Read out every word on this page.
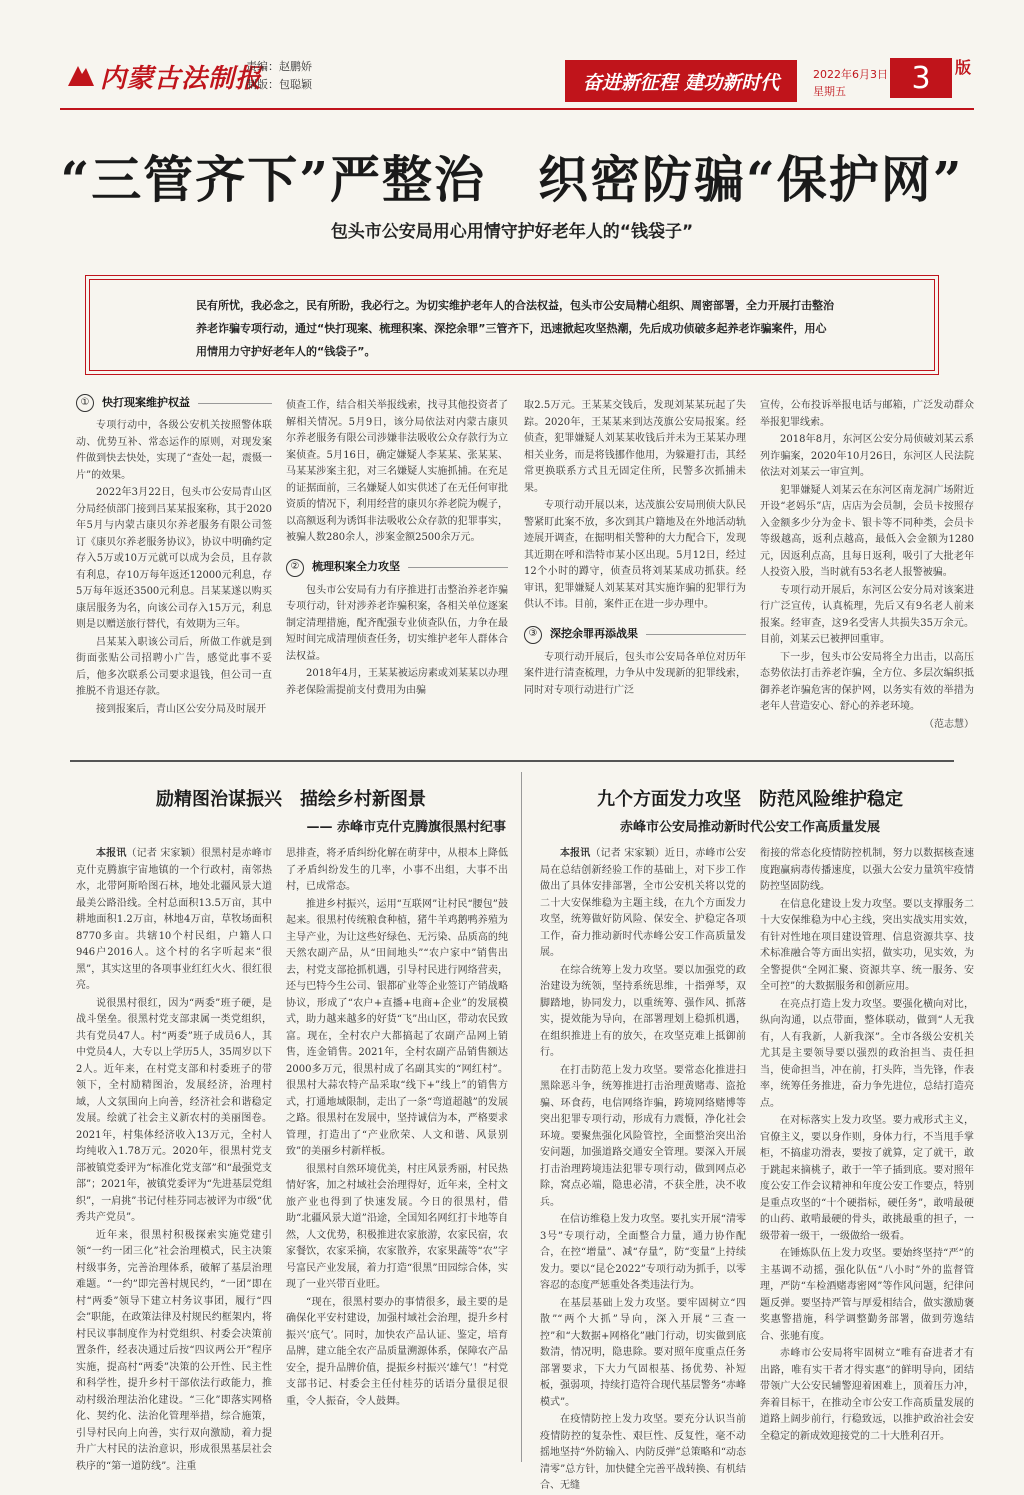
内蒙古法制报
责编：赵鹏娇
制版：包聪颖	奋进新征程 建功新时代	2022年6月3日
星期五	3	版
“三管齐下”严整治　织密防骗“保护网”
包头市公安局用心用情守护好老年人的“钱袋子”
民有所忧，我必念之，民有所盼，我必行之。为切实维护老年人的合法权益，包头市公安局精心组织、周密部署，全力开展打击整治养老诈骗专项行动，通过“快打现案、梳理积案、深挖余罪”三管齐下，迅速掀起攻坚热潮，先后成功侦破多起养老诈骗案件，用心用情用力守护好老年人的“钱袋子”。
①	快打现案维护权益

专项行动中，各级公安机关按照警体联动、优势互补、常态运作的原则，对现发案件做到快去快处，实现了“查处一起，震慑一片”的效果。

2022年3月22日，包头市公安局青山区分局经侦部门接到吕某某报案称，其于2020年5月与内蒙古康贝尔养老服务有限公司签订《康贝尔养老服务协议》，协议中明确约定存入5万或10万元就可以成为会员，且存款有利息，存10万每年返还12000元利息，存5万每年返还3500元利息。吕某某遂以购买康居服务为名，向该公司存入15万元，利息则是以赠送旅行替代，有效期为三年。

吕某某入职该公司后，所做工作就是到街面张贴公司招聘小广告，感觉此事不妥后，他多次联系公司要求退钱，但公司一直推脱不肯退还存款。

接到报案后，青山区公安分局及时展开

侦查工作，结合相关举报线索，找寻其他投资者了解相关情况。5月9日，该分局依法对内蒙古康贝尔养老服务有限公司涉嫌非法吸收公众存款行为立案侦查。5月16日，确定嫌疑人李某某、张某某、马某某涉案主犯，对三名嫌疑人实施抓捕。在充足的证据面前，三名嫌疑人如实供述了在无任何审批资质的情况下，利用经营的康贝尔养老院为幌子，以高额返利为诱饵非法吸收公众存款的犯罪事实，被骗人数280余人，涉案金额2500余万元。

②	梳理积案全力攻坚

包头市公安局有力有序推进打击整治养老诈骗专项行动，针对涉养老诈骗积案，各相关单位逐案制定清理措施，配齐配强专业侦查队伍，力争在最短时间完成清理侦查任务，切实维护老年人群体合法权益。

2018年4月，王某某被运房素或刘某某以办理养老保险需提前支付费用为由骗

取2.5万元。王某某交钱后，发现刘某某玩起了失踪。2020年，王某某来到达茂旗公安局报案。经侦查，犯罪嫌疑人刘某某收钱后并未为王某某办理相关业务，而是将钱挪作他用，为躲避打击，其经常更换联系方式且无固定住所，民警多次抓捕未果。

专项行动开展以来，达茂旗公安局刑侦大队民警紧盯此案不放，多次到其户籍地及在外地活动轨迹展开调查，在掘明相关警种的大力配合下，发现其近期在呼和浩特市某小区出现。5月12日，经过12个小时的蹲守，侦查员将刘某某成功抓获。经审讯，犯罪嫌疑人刘某某对其实施诈骗的犯罪行为供认不讳。目前，案件正在进一步办理中。

③	深挖余罪再添战果

专项行动开展后，包头市公安局各单位对历年案件进行清查梳理，力争从中发现新的犯罪线索，同时对专项行动进行广泛

宣传，公布投诉举报电话与邮箱，广泛发动群众举报犯罪线索。

2018年8月，东河区公安分局侦破刘某云系列诈骗案，2020年10月26日，东河区人民法院依法对刘某云一审宣判。

犯罪嫌疑人刘某云在东河区南龙洞广场附近开设“老妈乐”店，店店为会员制，会员卡按照存入金额多少分为金卡、银卡等不同种类，会员卡等级越高，返利点越高，最低入会金额为1280元，因返利点高，且每日返利，吸引了大批老年人投资入股，当时就有53名老人报警被骗。

专项行动开展后，东河区公安分局对该案进行广泛宣传，认真梳理，先后又有9名老人前来报案。经审查，这9名受害人共损失35万余元。目前，刘某云已被押回重审。

下一步，包头市公安局将全力出击，以高压态势依法打击养老诈骗，全方位、多层次编织抵御养老诈骗危害的保护网，以务实有效的举措为老年人营造安心、舒心的养老环境。

（范志慧）
励精图治谋振兴　描绘乡村新图景
—— 赤峰市克什克腾旗很黑村纪事

本报讯（记者 宋家颖）很黑村是赤峰市克什克腾旗宇宙地镇的一个行政村，南邻热水，北带阿斯哈图石林，地处北疆风景大道最美公路沿线。全村总面积13.5万亩，其中耕地面积1.2万亩，林地4万亩，草牧场面积8770多亩。共辖10个村民组，户籍人口946户2016人。这个村的名字听起来“很黑”，其实这里的各项事业红红火火、很红很亮。

说很黑村很红，因为“两委”班子硬，是战斗堡垒。很黑村党支部隶属一类党组织，共有党员47人。村“两委”班子成员6人，其中党员4人，大专以上学历5人，35周岁以下2人。近年来，在村党支部和村委班子的带领下，全村励精图治，发展经济，治理村域，人文氛围向上向善，经济社会和谐稳定发展。绘就了社会主义新农村的美丽图卷。2021年，村集体经济收入13万元，全村人均纯收入1.78万元。2020年，很黑村党支部被镇党委评为“标准化党支部”和“最强党支部”；2021年，被镇党委评为“先进基层党组织”，一肩挑”书记付桂芬同志被评为市级“优秀共产党员”。

近年来，很黑村积极探索实施党建引领“一约一团三化”社会治理模式，民主决策村级事务，完善治理体系，破解了基层治理难题。“一约”即完善村规民约，“一团”即在村“两委”领导下建立村务议事团，履行“四会”职能，在政策法律及村规民约框架内，将村民议事制度作为村党组织、村委会决策前置条件，经表决通过后按“四议两公开”程序实施，提高村“两委”决策的公开性、民主性和科学性，提升乡村干部依法行政能力，推动村级治理法治化建设。“三化”即落实网格化、契约化、法治化管理举措，综合施策，引导村民向上向善，实行双向激励，着力提升广大村民的法治意识，形成很黑基层社会秩序的“第一道防线”。注重

思排查，将矛盾纠纷化解在萌芽中，从根本上降低了矛盾纠纷发生的几率，小事不出组，大事不出村，已成常态。

推进乡村振兴，运用“互联网”让村民“腰包”鼓起来。很黑村传统粮食种植，猪牛羊鸡鹅鸭养殖为主导产业，为让这些好绿色、无污染、品质高的纯天然农副产品，从“田间地头”“农户家中”销售出去，村党支部抢抓机遇，引导村民进行网络营卖，还与巴特今生公司、银都矿业等企业签订产销战略协议，形成了“农户+直播+电商+企业”的发展模式，助力越来越多的好货“飞”出山区，带动农民致富。现在，全村农户大都搞起了农副产品网上销售，连金销售。2021年，全村农副产品销售额达2000多万元，很黑村成了名副其实的“网红村”。很黑村大蒜农特产品采取“线下+”线上”的销售方式，打通地域限制，走出了一条“弯道超越”的发展之路。很黑村在发展中，坚持诚信为本，严格要求管理，打造出了“产业欣荣、人文和谐、风景别致”的美丽乡村新样板。

很黑村自然环境优美，村庄风景秀丽，村民热情好客，加之村域社会治理得好，近年来，全村文旅产业也得到了快速发展。今日的很黑村，借助“北疆风景大道”沿途，全国知名网红打卡地等自然，人文优势，积极推进农家旅游，农家民宿，农家餐饮，农家采摘，农家散养，农家果蔬等“农”字号富民产业发展，着力打造“很黑”田园综合体，实现了一业兴带百业旺。

“现在，很黑村要办的事情很多，最主要的是确保化平安村建设，加强村域社会治理，提升乡村振兴‘底气’。同时，加快农产品认证、鉴定，培育品牌，建立能全农产品质量溯源体系，保障农产品安全，提升品牌价值，提振乡村振兴‘雄气’！”村党支部书记、村委会主任付桂芬的话语分量很足很重，令人振奋，令人鼓舞。

九个方面发力攻坚　防范风险维护稳定
赤峰市公安局推动新时代公安工作高质量发展

本报讯（记者 宋家颖）近日，赤峰市公安局在总结创新经验工作的基础上，对下步工作做出了具体安排部署，全市公安机关将以党的二十大安保维稳为主题主线，在九个方面发力攻坚，统筹做好防风险、保安全、护稳定各项工作，奋力推动新时代赤峰公安工作高质量发展。

在综合统筹上发力攻坚。要以加强党的政治建设为统领，坚持系统思维，十指弹琴，双脚踏地，协同发力，以重统筹、强作风、抓落实，提效能为导向，在部署理划上稳抓机遇，在组织推进上有的放矢，在攻坚克难上抵御前行。

在打击防范上发力攻坚。要常态化推进扫黑除恶斗争，统筹推进打击治理黄赌毒、盗抢骗、环食药，电信网络诈骗，跨境网络赌博等突出犯罪专项行动，形成有力震慑，净化社会环境。要聚焦强化风险管控，全面整治突出治安问题，加强道路交通安全管理。要深入开展打击治理跨境违法犯罪专项行动，做到网点必除，窝点必端，隐患必清，不获全胜，决不收兵。

在信访维稳上发力攻坚。要扎实开展“清零3号”专项行动，全面整合力量，通力协作配合，在控“增量”、减“存量”，防“变量”上持续发力。要以“昆仑2022”专项行动为抓手，以零容忍的态度严惩重处各类违法行为。

在基层基础上发力攻坚。要牢固树立“四散”“两个大抓”导向，深入开展“三查一控”和“大数据+网格化”融门行动，切实做到底数清，情况明，隐患除。要对照年度重点任务部署要求，下大力气固根基、扬优势、补短板，强弱项，持续打造符合现代基层警务“赤峰模式”。

在疫情防控上发力攻坚。要充分认识当前疫情防控的复杂性、艰巨性、反复性，毫不动摇地坚持“外防输入、内防反弹”总策略和“动态清零”总方针，加快健全完善平战转换、有机结合、无缝

衔接的常态化疫情防控机制，努力以数据核查速度跑赢病毒传播速度，以强大公安力量筑牢疫情防控坚固防线。

在信息化建设上发力攻坚。要以支撑服务二十大安保维稳为中心主线，突出实战实用实效，有针对性地在项目建设管理、信息资源共享、技术标准融合等方面出实招，做实功，见实效，为全警提供“全网汇聚、资源共享、统一服务、安全可控”的大数据服务和创新应用。

在亮点打造上发力攻坚。要强化横向对比，纵向沟通，以点带面，整体联动，做到“人无我有，人有我新，人新我深”。全市各级公安机关尤其是主要领导要以强烈的政治担当、责任担当，使命担当，冲在前，打头阵，当先锋，作表率，统筹任务推进，奋力争先进位，总结打造亮点。

在对标落实上发力攻坚。要力戒形式主义，官僚主义，要以身作则，身体力行，不当甩手掌柜，不搞虚功滑表，要按了就算，定了就干，敢于跳起来摘桃子，敢于一竿子插到底。要对照年度公安工作会议精神和年度公安工作要点，特别是重点攻坚的“十个硬指标，硬任务”，敢啃最硬的山药、敢啃最硬的骨头，敢挑最重的担子，一级带着一级干，一级做给一级看。

在锤炼队伍上发力攻坚。要始终坚持“严”的主基调不动摇，强化队伍“八小时”外的监督管理，严防“车检酒赌毒密网”等作风问题，纪律问题反弹。要坚持严管与厚爱相结合，做实激励褒奖惠警措施，科学调整勤务部署，做到劳逸结合、张驰有度。

赤峰市公安局将牢固树立“唯有奋进者才有出路，唯有实干者才得实惠”的鲜明导向，团结带领广大公安民辅警迎着困难上，顶着压力冲，奔着目标干，在推动全市公安工作高质量发展的道路上阔步前行，行稳致远，以推护政治社会安全稳定的新成效迎接党的二十大胜利召开。
